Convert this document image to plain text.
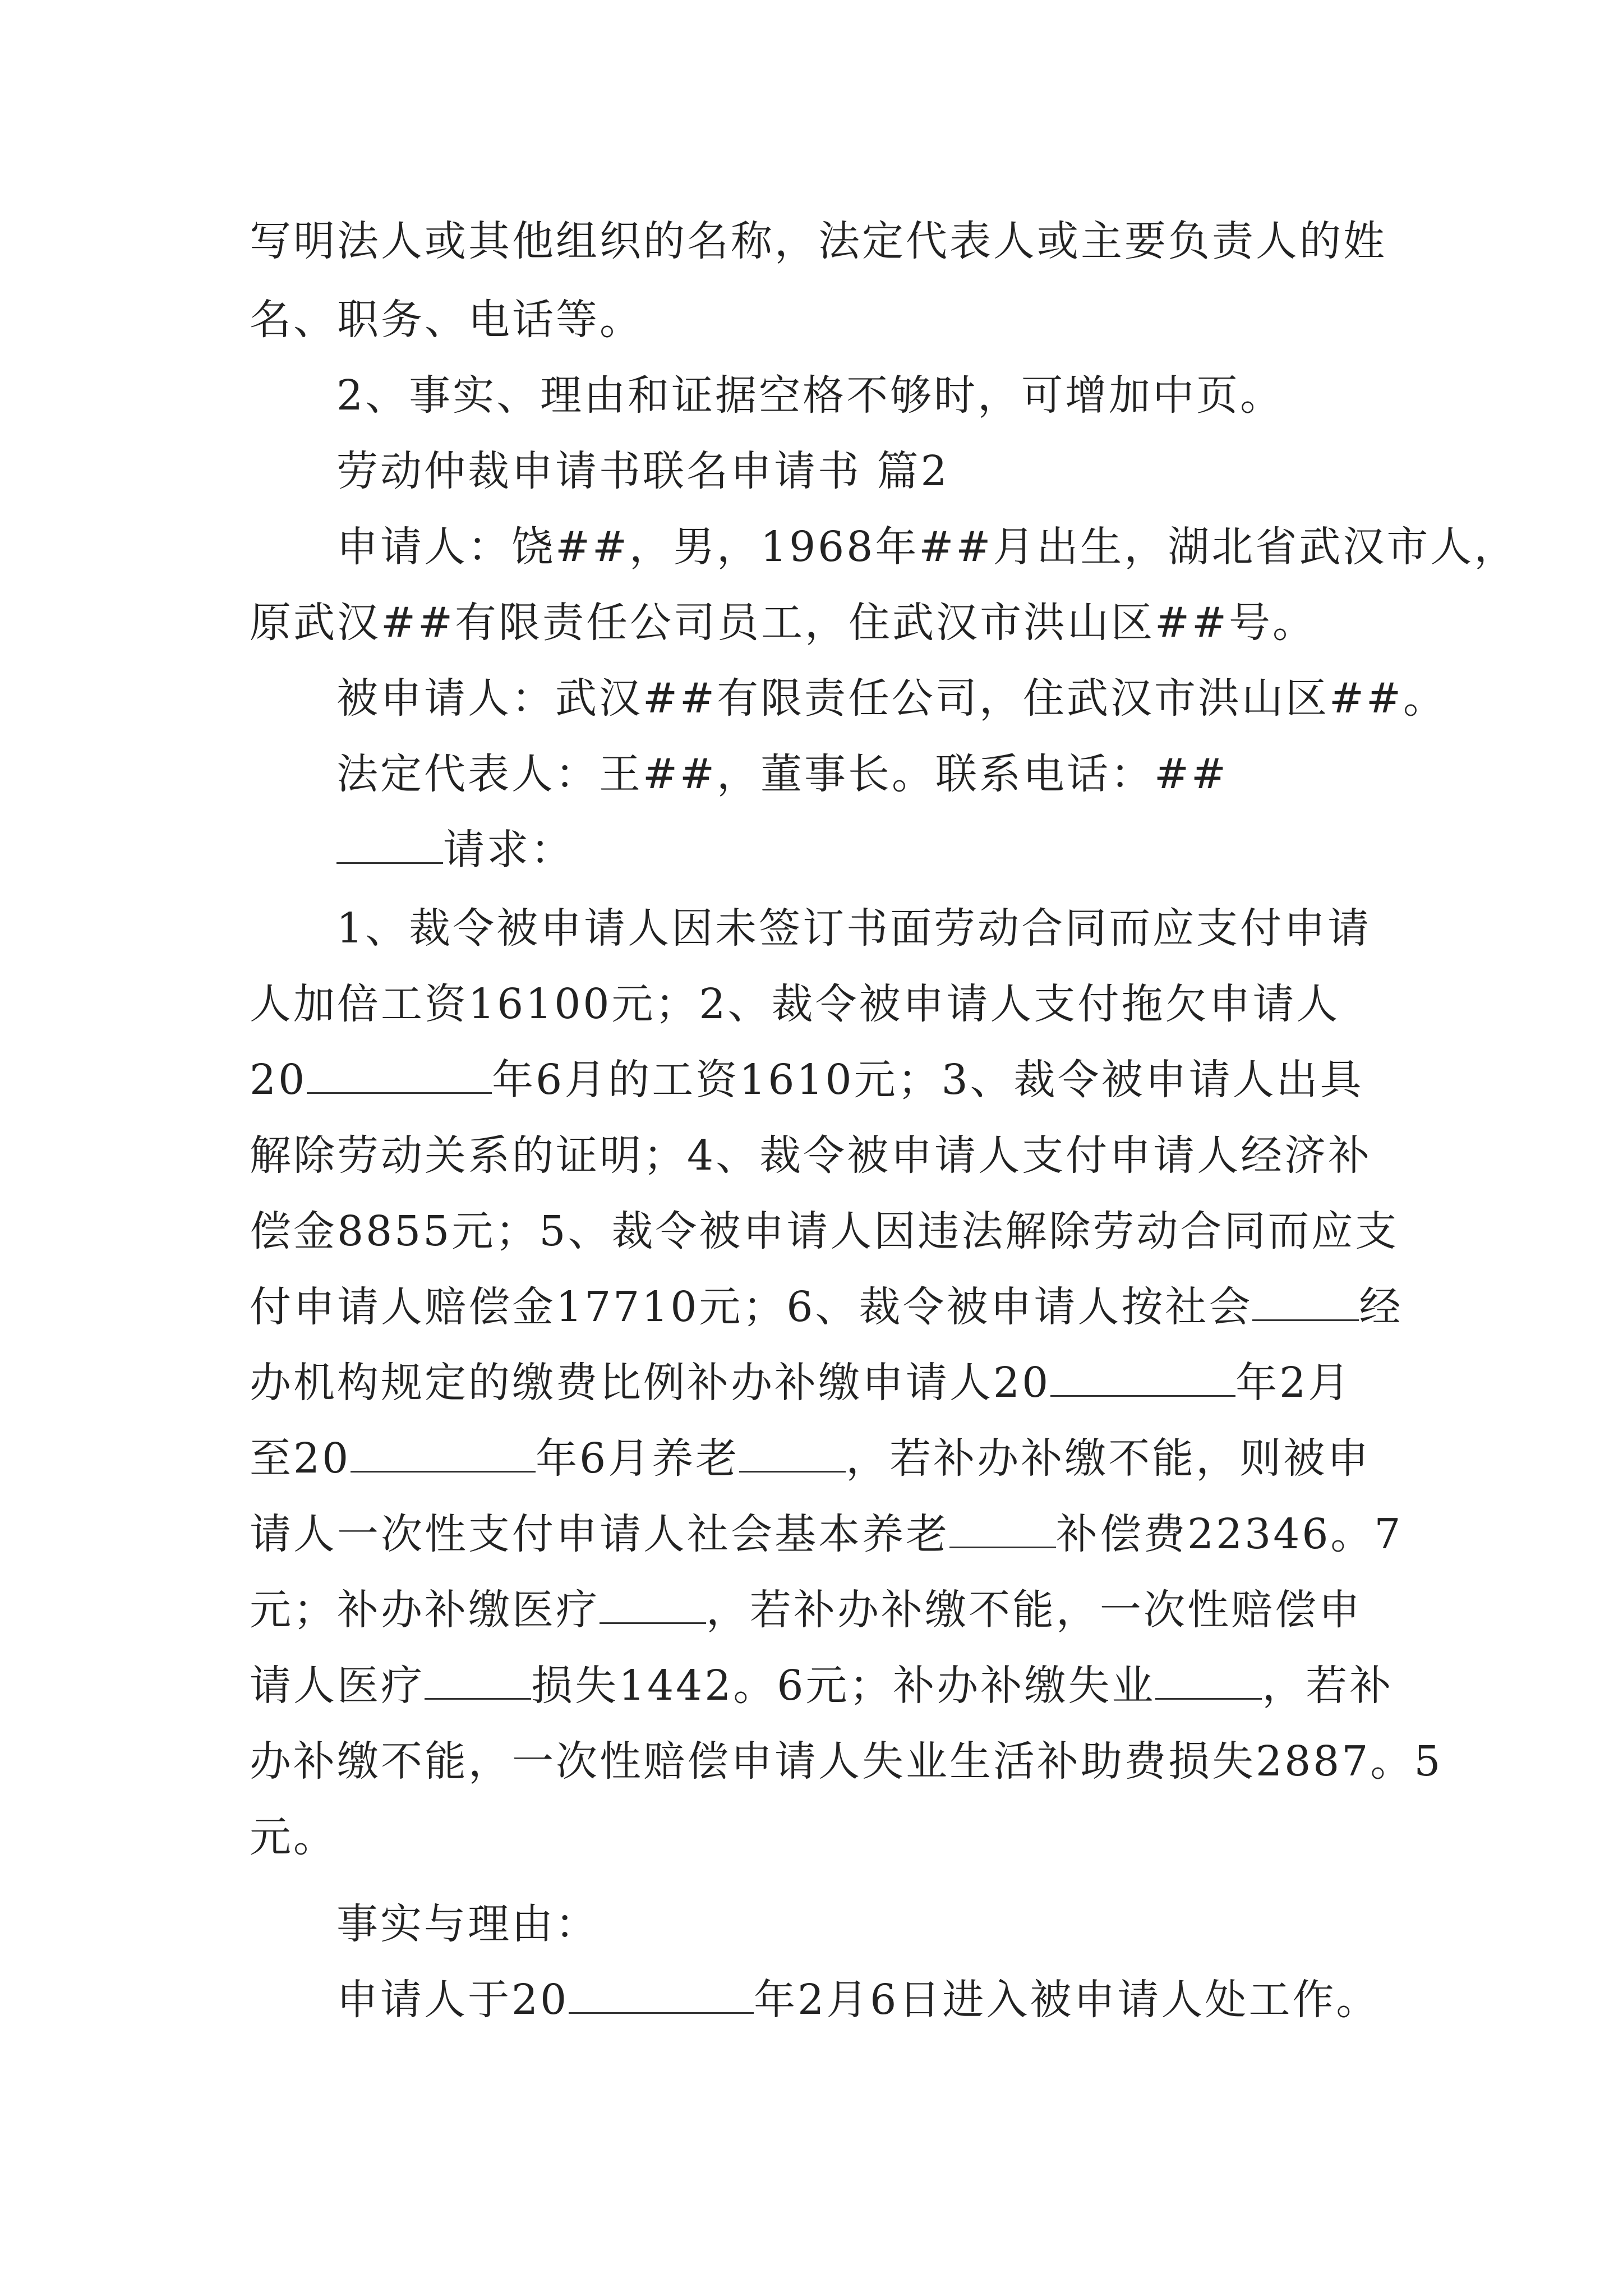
写明法人或其他组织的名称，法定代表人或主要负责人的姓
名、职务、电话等。
2、事实、理由和证据空格不够时，可增加中页。
劳动仲裁申请书联名申请书 篇2
申请人：饶##，男，1968年##月出生，湖北省武汉市人，
原武汉##有限责任公司员工，住武汉市洪山区##号。
被申请人：武汉##有限责任公司，住武汉市洪山区##。
法定代表人：王##，董事长。联系电话：##
请求：
1、裁令被申请人因未签订书面劳动合同而应支付申请
人加倍工资16100元；2、裁令被申请人支付拖欠申请人
20	年6月的工资1610元；3、裁令被申请人出具
解除劳动关系的证明；4、裁令被申请人支付申请人经济补
偿金8855元；5、裁令被申请人因违法解除劳动合同而应支
付申请人赔偿金17710元；6、裁令被申请人按社会	经
办机构规定的缴费比例补办补缴申请人20	年2月
至20	年6月养老	，若补办补缴不能，则被申
请人一次性支付申请人社会基本养老	补偿费22346。7
元；补办补缴医疗	，若补办补缴不能，一次性赔偿申
请人医疗	损失1442。6元；补办补缴失业	，若补
办补缴不能，一次性赔偿申请人失业生活补助费损失2887。5
元。
事实与理由：
申请人于20	年2月6日进入被申请人处工作。
